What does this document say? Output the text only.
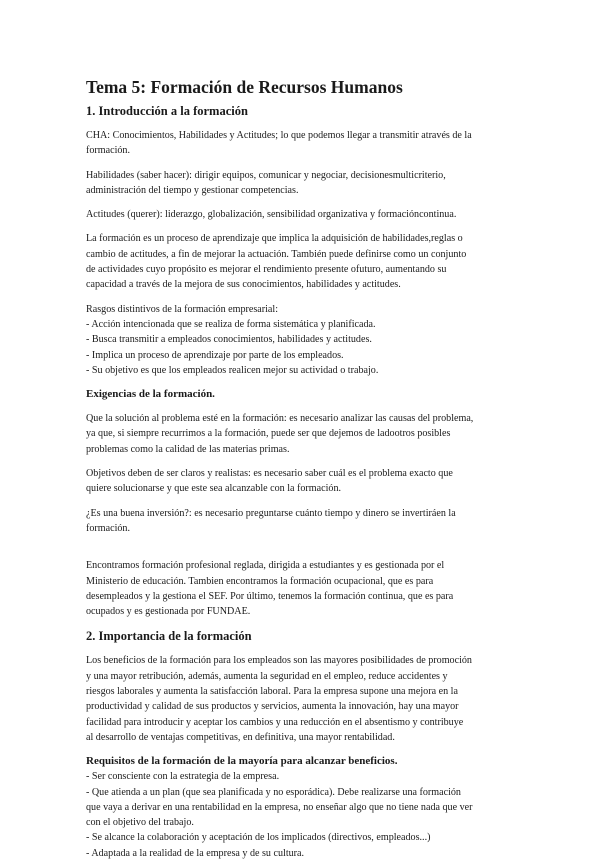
Tema 5: Formación de Recursos Humanos
1. Introducción a la formación

CHA: Conocimientos, Habilidades y Actitudes; lo que podemos llegar a transmitir através de la
formación.

Habilidades (saber hacer): dirigir equipos, comunicar y negociar, decisionesmulticriterio,
administración del tiempo y gestionar competencias.

Actitudes (querer): liderazgo, globalización, sensibilidad organizativa y formacióncontinua.

La formación es un proceso de aprendizaje que implica la adquisición de habilidades,reglas o
cambio de actitudes, a fin de mejorar la actuación. También puede definirse como un conjunto
de actividades cuyo propósito es mejorar el rendimiento presente ofuturo, aumentando su
capacidad a través de la mejora de sus conocimientos, habilidades y actitudes.

Rasgos distintivos de la formación empresarial:

- Acción intencionada que se realiza de forma sistemática y planificada.

- Busca transmitir a empleados conocimientos, habilidades y actitudes.

- Implica un proceso de aprendizaje por parte de los empleados.

- Su objetivo es que los empleados realicen mejor su actividad o trabajo.

Exigencias de la formación.

Que la solución al problema esté en la formación: es necesario analizar las causas del problema,
ya que, si siempre recurrimos a la formación, puede ser que dejemos de ladootros posibles
problemas como la calidad de las materias primas.

Objetivos deben de ser claros y realistas: es necesario saber cuál es el problema exacto que
quiere solucionarse y que este sea alcanzable con la formación.

¿Es una buena inversión?: es necesario preguntarse cuánto tiempo y dinero se invertiráen la
formación.

Encontramos formación profesional reglada, dirigida a estudiantes y es gestionada por el
Ministerio de educación. Tambien encontramos la formación ocupacional, que es para
desempleados y la gestiona el SEF. Por último, tenemos la formación continua, que es para
ocupados y es gestionada por FUNDAE.

2. Importancia de la formación

Los beneficios de la formación para los empleados son las mayores posibilidades de promoción
y una mayor retribución, además, aumenta la seguridad en el empleo, reduce accidentes y
riesgos laborales y aumenta la satisfacción laboral. Para la empresa supone una mejora en la
productividad y calidad de sus productos y servicios, aumenta la innovación, hay una mayor
facilidad para introducir y aceptar los cambios y una reducción en el absentismo y contribuye
al desarrollo de ventajas competitivas, en definitiva, una mayor rentabilidad.

Requisitos de la formación de la mayoría para alcanzar beneficios.

- Ser consciente con la estrategia de la empresa.

- Que atienda a un plan (que sea planificada y no esporádica). Debe realizarse una formación

que vaya a derivar en una rentabilidad en la empresa, no enseñar algo que no tiene nada que ver

con el objetivo del trabajo.

- Se alcance la colaboración y aceptación de los implicados (directivos, empleados...)

- Adaptada a la realidad de la empresa y de su cultura.
